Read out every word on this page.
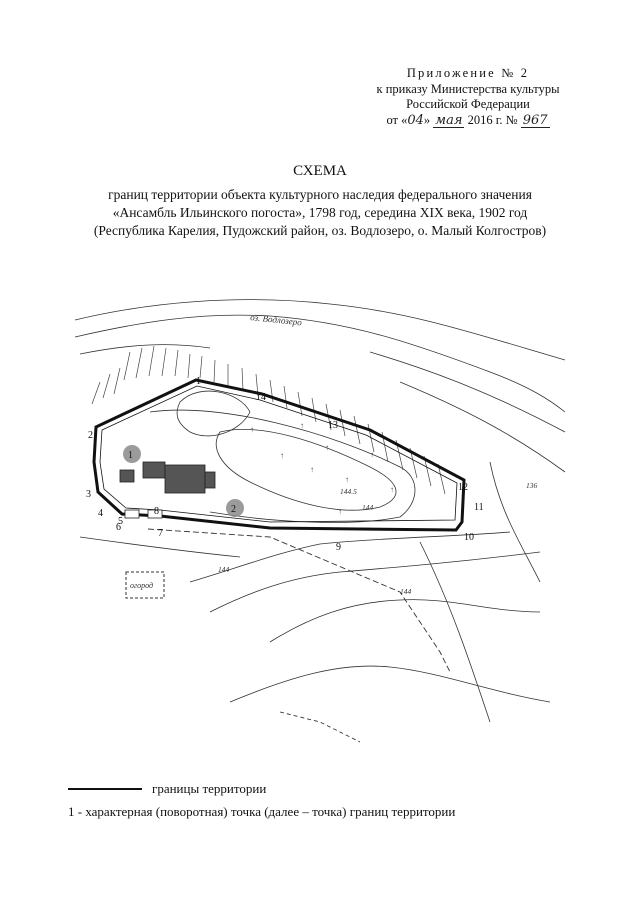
Приложение № 2
к приказу Министерства культуры
Российской Федерации
от «04» мая 2016 г. № 967
СХЕМА
границ территории объекта культурного наследия федерального значения
«Ансамбль Ильинского погоста», 1798 год, середина XIX века, 1902 год
(Республика Карелия, Пудожский район, оз. Водлозеро, о. Малый Колгостров)
огород
1
2
1
2
3
4
5
6
7
8
9
10
11
12
13
14
144
144
144.5
144
136
оз. Водлозеро
↑
↑
↑
↑
↑
↑
↑
↑
↑
границы территории
1 - характерная (поворотная) точка (далее – точка) границ территории
